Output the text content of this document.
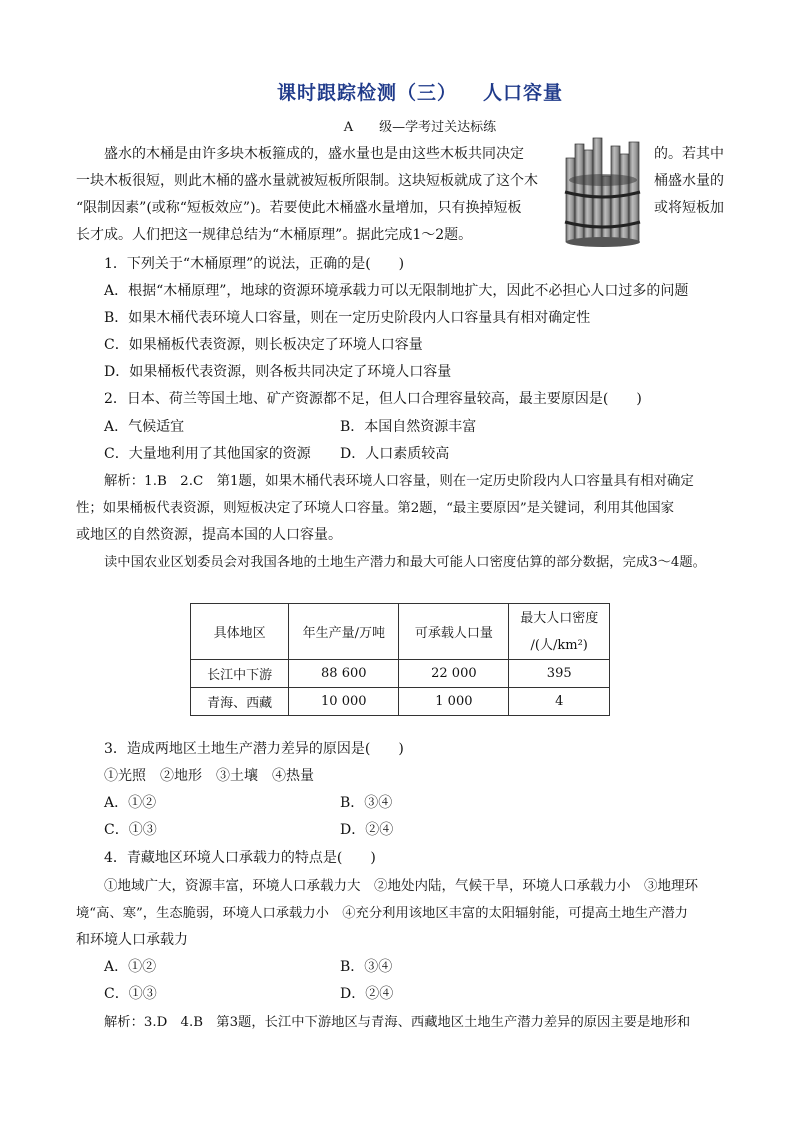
课时跟踪检测（三） 人口容量
A　　级—学考过关达标练
盛水的木桶是由许多块木板箍成的，盛水量也是由这些木板共同决定	的。若其中
一块木板很短，则此木桶的盛水量就被短板所限制。这块短板就成了这个木	桶盛水量的
“限制因素”(或称“短板效应”)。若要使此木桶盛水量增加，只有换掉短板	或将短板加
长才成。人们把这一规律总结为“木桶原理”。据此完成1～2题。
1．下列关于“木桶原理”的说法，正确的是(　　)
A．根据“木桶原理”，地球的资源环境承载力可以无限制地扩大，因此不必担心人口过多的问题
B．如果木桶代表环境人口容量，则在一定历史阶段内人口容量具有相对确定性
C．如果桶板代表资源，则长板决定了环境人口容量
D．如果桶板代表资源，则各板共同决定了环境人口容量
2．日本、荷兰等国土地、矿产资源都不足，但人口合理容量较高，最主要原因是(　　)
A．气候适宜	B．本国自然资源丰富
C．大量地利用了其他国家的资源 D．人口素质较高
解析：1.B　2.C　第1题，如果木桶代表环境人口容量，则在一定历史阶段内人口容量具有相对确定
性；如果桶板代表资源，则短板决定了环境人口容量。第2题，“最主要原因”是关键词，利用其他国家
或地区的自然资源，提高本国的人口容量。
读中国农业区划委员会对我国各地的土地生产潜力和最大可能人口密度估算的部分数据，完成3～4题。
具体地区	年生产量/万吨	可承载人口量	最大人口密度
/(人/km²)

长江中下游	88 600	22 000	395
青海、西藏	10 000	1 000	4
3．造成两地区土地生产潜力差异的原因是(　　)
①光照　②地形　③土壤　④热量
A．①②	B．③④
C．①③	D．②④
4．青藏地区环境人口承载力的特点是(　　)
①地域广大，资源丰富，环境人口承载力大　②地处内陆，气候干旱，环境人口承载力小　③地理环
境“高、寒”，生态脆弱，环境人口承载力小　④充分利用该地区丰富的太阳辐射能，可提高土地生产潜力
和环境人口承载力
A．①②	B．③④
C．①③	D．②④
解析：3.D　4.B　第3题，长江中下游地区与青海、西藏地区土地生产潜力差异的原因主要是地形和
